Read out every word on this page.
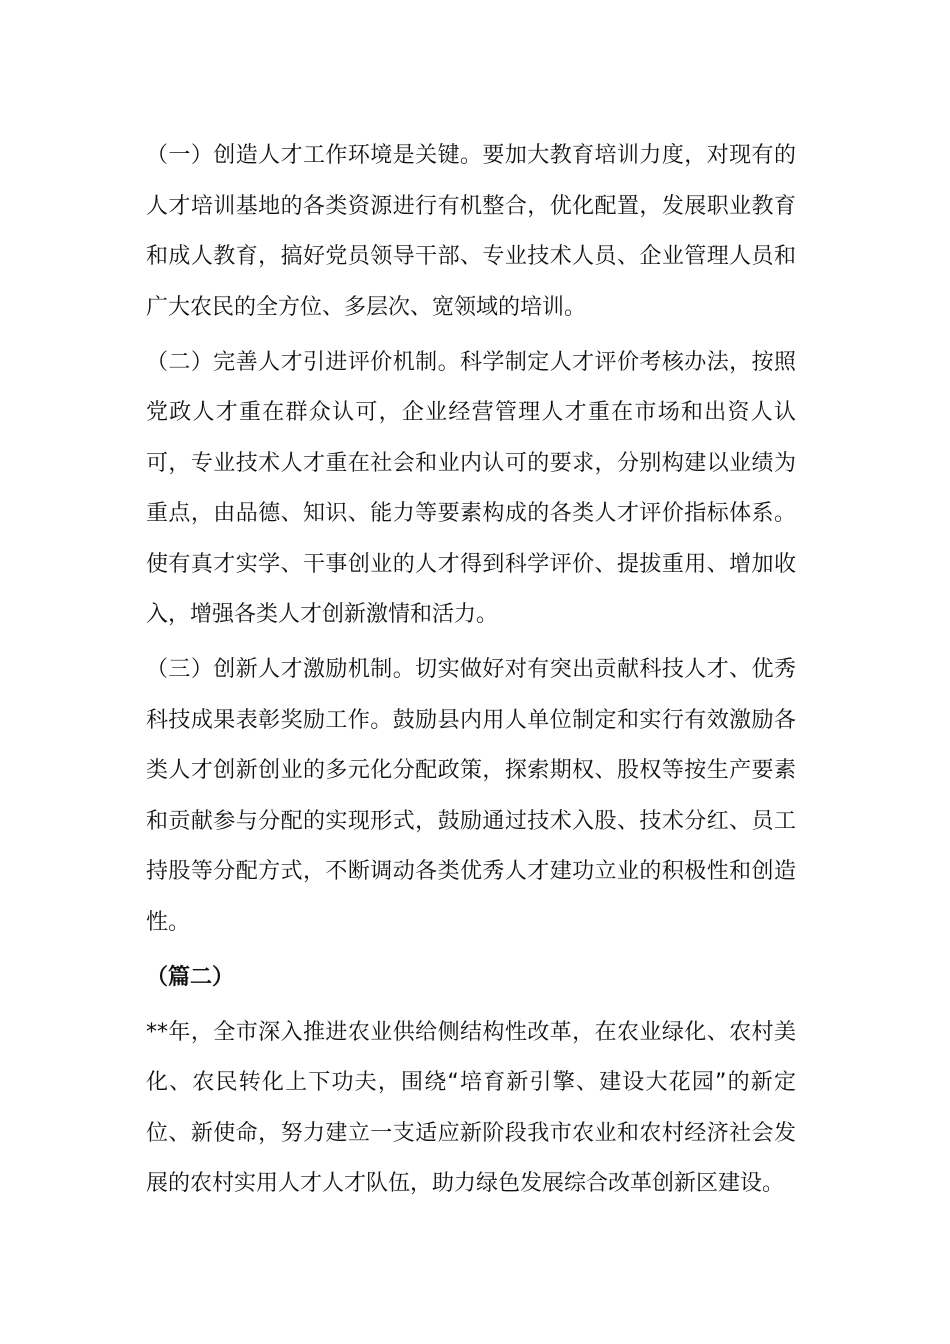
（一）创造人才工作环境是关键。要加大教育培训力度，对现有的人才培训基地的各类资源进行有机整合，优化配置，发展职业教育和成人教育，搞好党员领导干部、专业技术人员、企业管理人员和广大农民的全方位、多层次、宽领域的培训。

（二）完善人才引进评价机制。科学制定人才评价考核办法，按照党政人才重在群众认可，企业经营管理人才重在市场和出资人认可，专业技术人才重在社会和业内认可的要求，分别构建以业绩为重点，由品德、知识、能力等要素构成的各类人才评价指标体系。使有真才实学、干事创业的人才得到科学评价、提拔重用、增加收入，增强各类人才创新激情和活力。

（三）创新人才激励机制。切实做好对有突出贡献科技人才、优秀科技成果表彰奖励工作。鼓励县内用人单位制定和实行有效激励各类人才创新创业的多元化分配政策，探索期权、股权等按生产要素和贡献参与分配的实现形式，鼓励通过技术入股、技术分红、员工持股等分配方式，不断调动各类优秀人才建功立业的积极性和创造性。

（篇二）

**年，全市深入推进农业供给侧结构性改革，在农业绿化、农村美化、农民转化上下功夫，围绕“培育新引擎、建设大花园”的新定位、新使命，努力建立一支适应新阶段我市农业和农村经济社会发展的农村实用人才人才队伍，助力绿色发展综合改革创新区建设。
